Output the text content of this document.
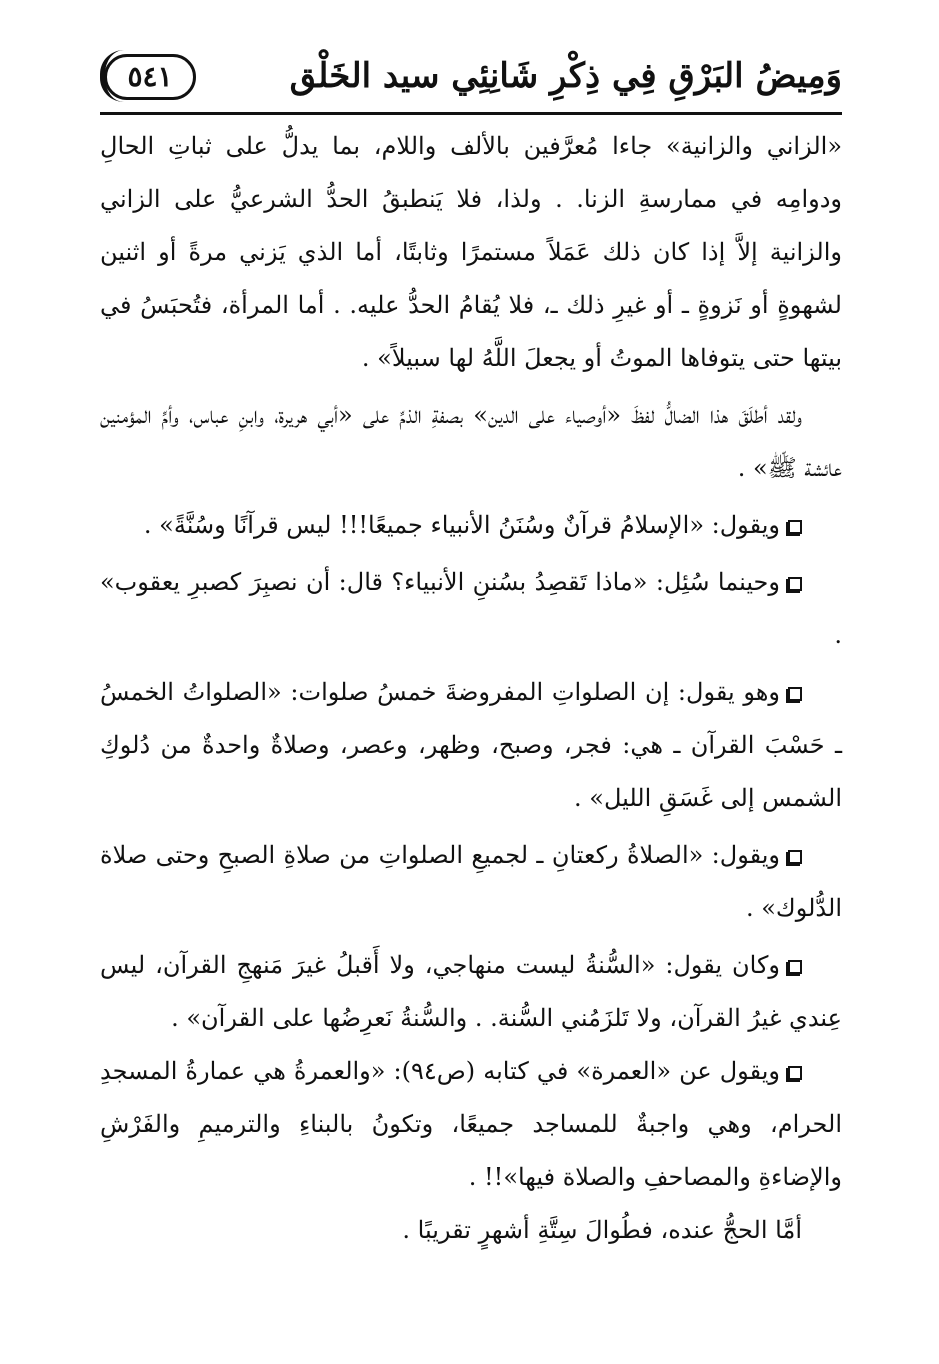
وَمِيضُ البَرْقِ فِي ذِكْرِ شَانِئِي سيد الخَلْق
٥٤١

«الزاني والزانية» جاءا مُعرَّفين بالألف واللام، بما يدلُّ على ثباتِ الحالِ ودوامِه في ممارسةِ الزنا. . ولذا، فلا يَنطبقُ الحدُّ الشرعيُّ على الزاني والزانية إلاَّ إذا كان ذلك عَمَلاً مستمرًا وثابتًا، أما الذي يَزني مرةً أو اثنين لشهوةٍ أو نَزوةٍ ـ أو غيرِ ذلك ـ، فلا يُقامُ الحدُّ عليه. . أما المرأة، فتُحبَسُ في بيتها حتى يتوفاها الموتُ أو يجعلَ اللَّهُ لها سبيلاً» .

ولقد أطلَقَ هذا الضالُّ لفظَ «أوصياء على الدين» بصفةِ الذمِّ على «أبي هريرة، وابنِ عباس، وأمِّ المؤمنين عائشة ﷺ» .

ويقول: «الإسلامُ قرآنٌ وسُنَنُ الأنبياء جميعًا!!! ليس قرآنًا وسُنَّةً» .

وحينما سُئِل: «ماذا تَقصِدُ بسُننِ الأنبياء؟ قال: أن نصبِرَ كصبرِ يعقوب» .

وهو يقول: إن الصلواتِ المفروضةَ خمسُ صلوات: «الصلواتُ الخمسُ ـ حَسْبَ القرآن ـ هي: فجر، وصبح، وظهر، وعصر، وصلاةٌ واحدةٌ من دُلوكِ الشمس إلى غَسَقِ الليل» .

ويقول: «الصلاةُ ركعتانِ ـ لجميعِ الصلواتِ من صلاةِ الصبحِ وحتى صلاة الدُّلوك» .

وكان يقول: «السُّنةُ ليست منهاجي، ولا أَقبلُ غيرَ مَنهجِ القرآن، ليس عِندي غيرُ القرآن، ولا تَلزَمُني السُّنة. . والسُّنةُ نَعرِضُها على القرآن» .

ويقول عن «العمرة» في كتابه (ص٩٤): «والعمرةُ هي عمارةُ المسجدِ الحرام، وهي واجبةٌ للمساجد جميعًا، وتكونُ بالبناءِ والترميمِ والفَرْشِ والإضاءةِ والمصاحفِ والصلاة فيها»!! .

أمَّا الحجُّ عنده، فطُوالَ سِتَّةِ أشهرٍ تقريبًا .
